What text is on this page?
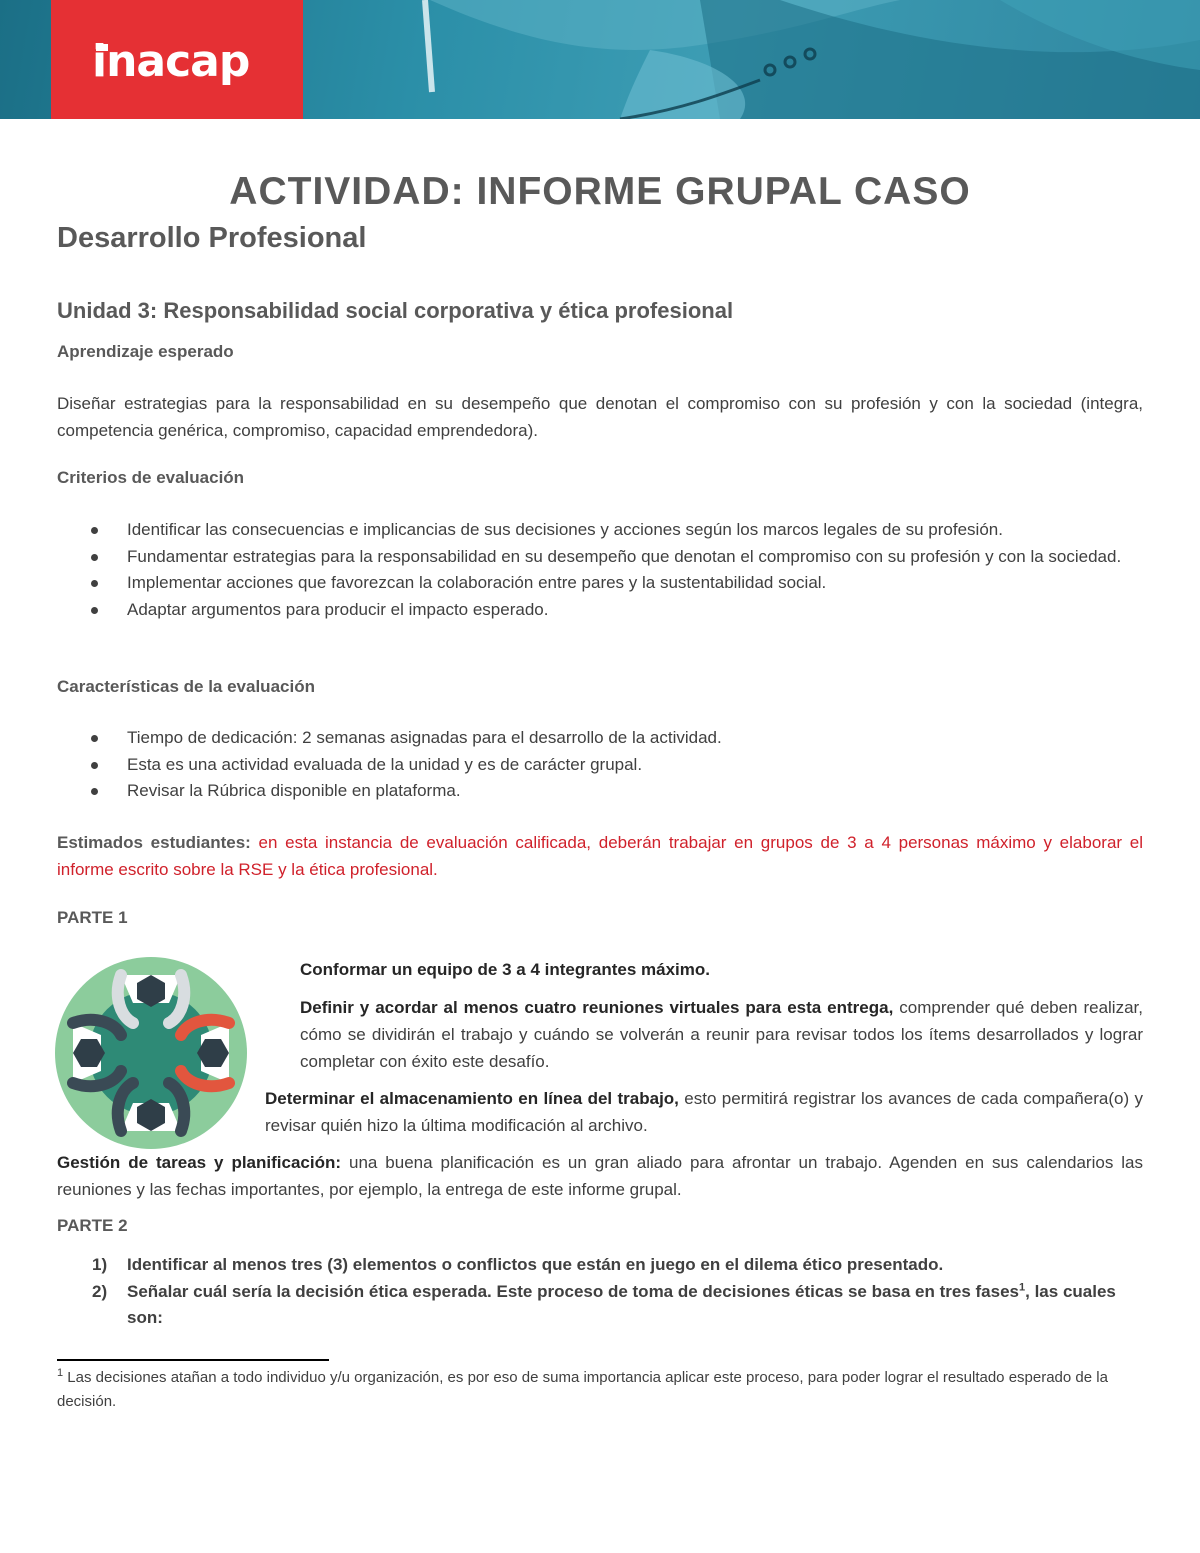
inacap
ACTIVIDAD: INFORME GRUPAL CASO
Desarrollo Profesional
Unidad 3: Responsabilidad social corporativa y ética profesional
Aprendizaje esperado

Diseñar estrategias para la responsabilidad en su desempeño que denotan el compromiso con su profesión y con la sociedad (integra, competencia genérica, compromiso, capacidad emprendedora).

Criterios de evaluación
Identificar las consecuencias e implicancias de sus decisiones y acciones según los marcos legales de su profesión.
Fundamentar estrategias para la responsabilidad en su desempeño que denotan el compromiso con su profesión y con la sociedad.
Implementar acciones que favorezcan la colaboración entre pares y la sustentabilidad social.
Adaptar argumentos para producir el impacto esperado.
Características de la evaluación
Tiempo de dedicación: 2 semanas asignadas para el desarrollo de la actividad.
Esta es una actividad evaluada de la unidad y es de carácter grupal.
Revisar la Rúbrica disponible en plataforma.

Estimados estudiantes: en esta instancia de evaluación calificada, deberán trabajar en grupos de 3 a 4 personas máximo y elaborar el informe escrito sobre la RSE y la ética profesional.

PARTE 1

Conformar un equipo de 3 a 4 integrantes máximo.

Definir y acordar al menos cuatro reuniones virtuales para esta entrega, comprender qué deben realizar, cómo se dividirán el trabajo y cuándo se volverán a reunir para revisar todos los ítems desarrollados y lograr completar con éxito este desafío.

Determinar el almacenamiento en línea del trabajo, esto permitirá registrar los avances de cada compañera(o) y revisar quién hizo la última modificación al archivo.

Gestión de tareas y planificación: una buena planificación es un gran aliado para afrontar un trabajo. Agenden en sus calendarios las reuniones y las fechas importantes, por ejemplo, la entrega de este informe grupal.

PARTE 2
1) Identificar al menos tres (3) elementos o conflictos que están en juego en el dilema ético presentado.
2) Señalar cuál sería la decisión ética esperada. Este proceso de toma de decisiones éticas se basa en tres fases$^1$, las cuales son:

$^1$ Las decisiones atañan a todo individuo y/u organización, es por eso de suma importancia aplicar este proceso, para poder lograr el resultado esperado de la decisión.
